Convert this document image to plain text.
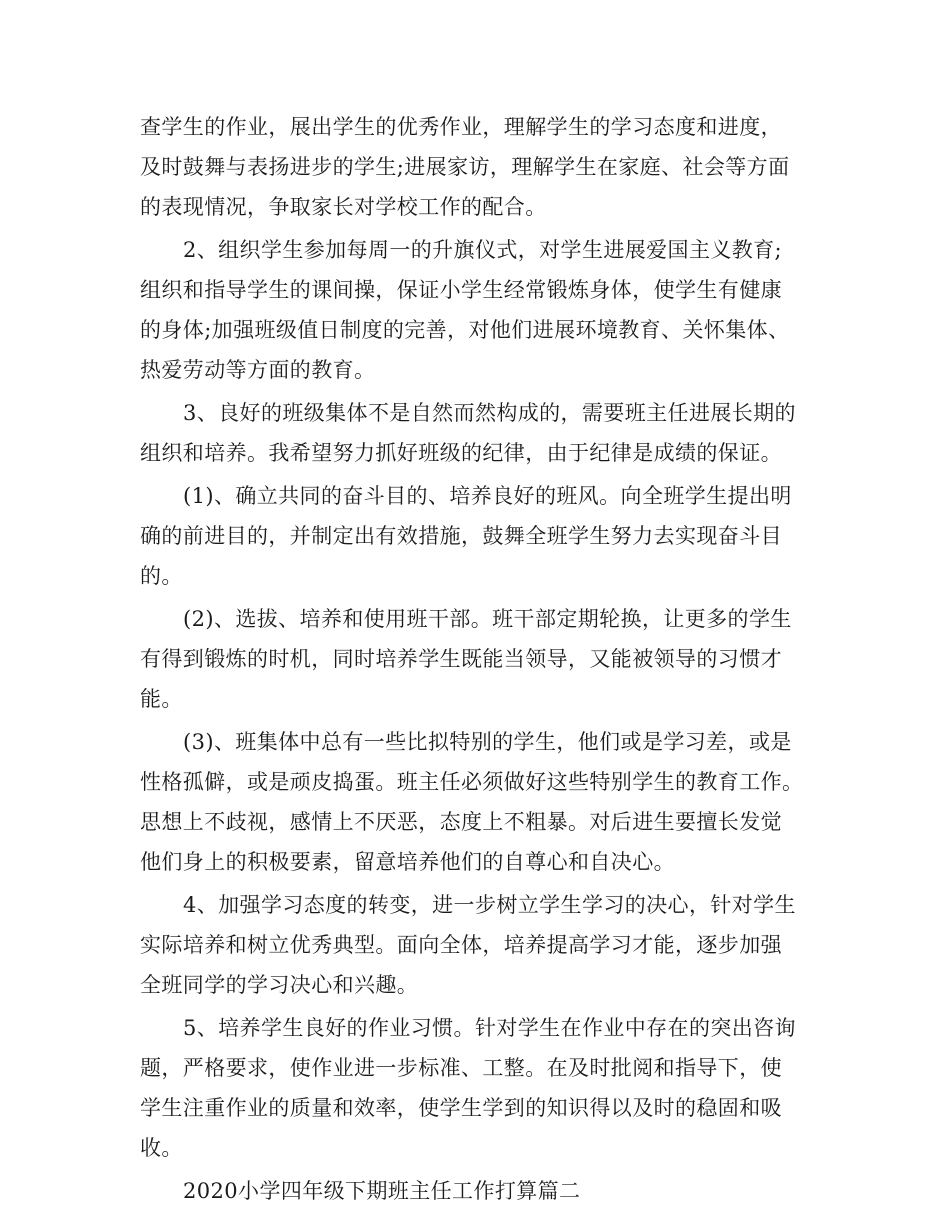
查学生的作业，展出学生的优秀作业，理解学生的学习态度和进度，
及时鼓舞与表扬进步的学生;进展家访，理解学生在家庭、社会等方面
的表现情况，争取家长对学校工作的配合。
2、组织学生参加每周一的升旗仪式，对学生进展爱国主义教育;
组织和指导学生的课间操，保证小学生经常锻炼身体，使学生有健康
的身体;加强班级值日制度的完善，对他们进展环境教育、关怀集体、
热爱劳动等方面的教育。
3、良好的班级集体不是自然而然构成的，需要班主任进展长期的
组织和培养。我希望努力抓好班级的纪律，由于纪律是成绩的保证。
(1)、确立共同的奋斗目的、培养良好的班风。向全班学生提出明
确的前进目的，并制定出有效措施，鼓舞全班学生努力去实现奋斗目
的。
(2)、选拔、培养和使用班干部。班干部定期轮换，让更多的学生
有得到锻炼的时机，同时培养学生既能当领导，又能被领导的习惯才
能。
(3)、班集体中总有一些比拟特别的学生，他们或是学习差，或是
性格孤僻，或是顽皮捣蛋。班主任必须做好这些特别学生的教育工作。
思想上不歧视，感情上不厌恶，态度上不粗暴。对后进生要擅长发觉
他们身上的积极要素，留意培养他们的自尊心和自决心。
4、加强学习态度的转变，进一步树立学生学习的决心，针对学生
实际培养和树立优秀典型。面向全体，培养提高学习才能，逐步加强
全班同学的学习决心和兴趣。
5、培养学生良好的作业习惯。针对学生在作业中存在的突出咨询
题，严格要求，使作业进一步标准、工整。在及时批阅和指导下，使
学生注重作业的质量和效率，使学生学到的知识得以及时的稳固和吸
收。
2020小学四年级下期班主任工作打算篇二
